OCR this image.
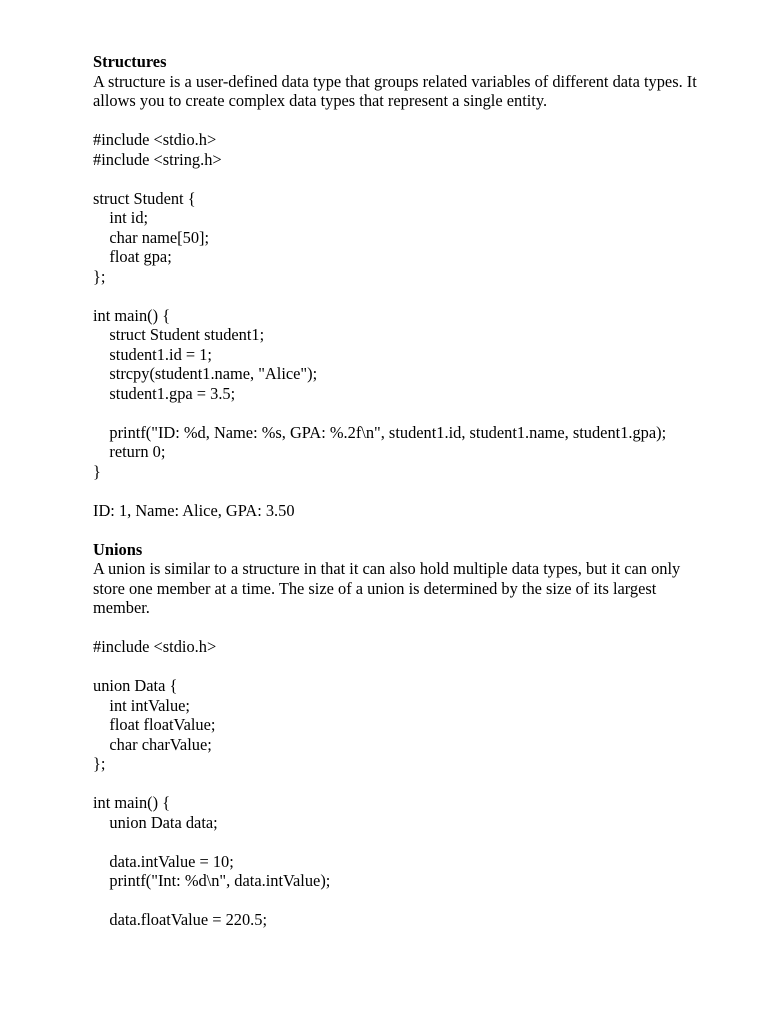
Structures

A structure is a user-defined data type that groups related variables of different data types. It allows you to create complex data types that represent a single entity.

#include <stdio.h>
#include <string.h>

struct Student {
int id;
char name[50];
float gpa;
};

int main() {
struct Student student1;
student1.id = 1;
strcpy(student1.name, "Alice");
student1.gpa = 3.5;

printf("ID: %d, Name: %s, GPA: %.2f\n", student1.id, student1.name, student1.gpa);
return 0;
}

ID: 1, Name: Alice, GPA: 3.50

Unions

A union is similar to a structure in that it can also hold multiple data types, but it can only store one member at a time. The size of a union is determined by the size of its largest member.

#include <stdio.h>

union Data {
int intValue;
float floatValue;
char charValue;
};

int main() {
union Data data;

data.intValue = 10;
printf("Int: %d\n", data.intValue);

data.floatValue = 220.5;
